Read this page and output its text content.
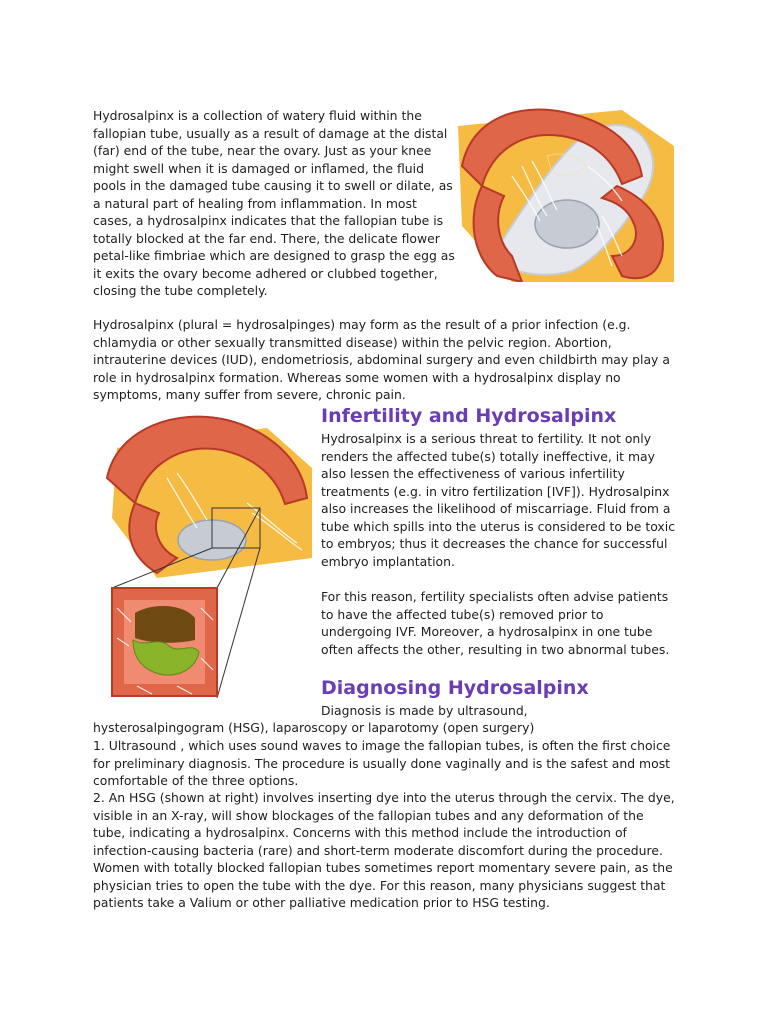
Hydrosalpinx is a collection of watery fluid within the fallopian tube, usually as a result of damage at the distal (far) end of the tube, near the ovary. Just as your knee might swell when it is damaged or inflamed, the fluid pools in the damaged tube causing it to swell or dilate, as a natural part of healing from inflammation. In most cases, a hydrosalpinx indicates that the fallopian tube is totally blocked at the far end. There, the delicate flower petal-like fimbriae which are designed to grasp the egg as it exits the ovary become adhered or clubbed together, closing the tube completely.

Hydrosalpinx (plural = hydrosalpinges) may form as the result of a prior infection (e.g. chlamydia or other sexually transmitted disease) within the pelvic region. Abortion, intrauterine devices (IUD), endometriosis, abdominal surgery and even childbirth may play a role in hydrosalpinx formation. Whereas some women with a hydrosalpinx display no symptoms, many suffer from severe, chronic pain.

Infertility and Hydrosalpinx

Hydrosalpinx is a serious threat to fertility. It not only renders the affected tube(s) totally ineffective, it may also lessen the effectiveness of various infertility treatments (e.g. in vitro fertilization [IVF]). Hydrosalpinx also increases the likelihood of miscarriage. Fluid from a tube which spills into the uterus is considered to be toxic to embryos; thus it decreases the chance for successful embryo implantation.

For this reason, fertility specialists often advise patients to have the affected tube(s) removed prior to undergoing IVF. Moreover, a hydrosalpinx in one tube often affects the other, resulting in two abnormal tubes.

Diagnosing Hydrosalpinx

Diagnosis is made by ultrasound,

hysterosalpingogram (HSG), laparoscopy or laparotomy (open surgery)

1. Ultrasound , which uses sound waves to image the fallopian tubes, is often the first choice for preliminary diagnosis. The procedure is usually done vaginally and is the safest and most comfortable of the three options.

2. An HSG (shown at right) involves inserting dye into the uterus through the cervix. The dye, visible in an X-ray, will show blockages of the fallopian tubes and any deformation of the tube, indicating a hydrosalpinx. Concerns with this method include the introduction of infection-causing bacteria (rare) and short-term moderate discomfort during the procedure. Women with totally blocked fallopian tubes sometimes report momentary severe pain, as the physician tries to open the tube with the dye. For this reason, many physicians suggest that patients take a Valium or other palliative medication prior to HSG testing.
